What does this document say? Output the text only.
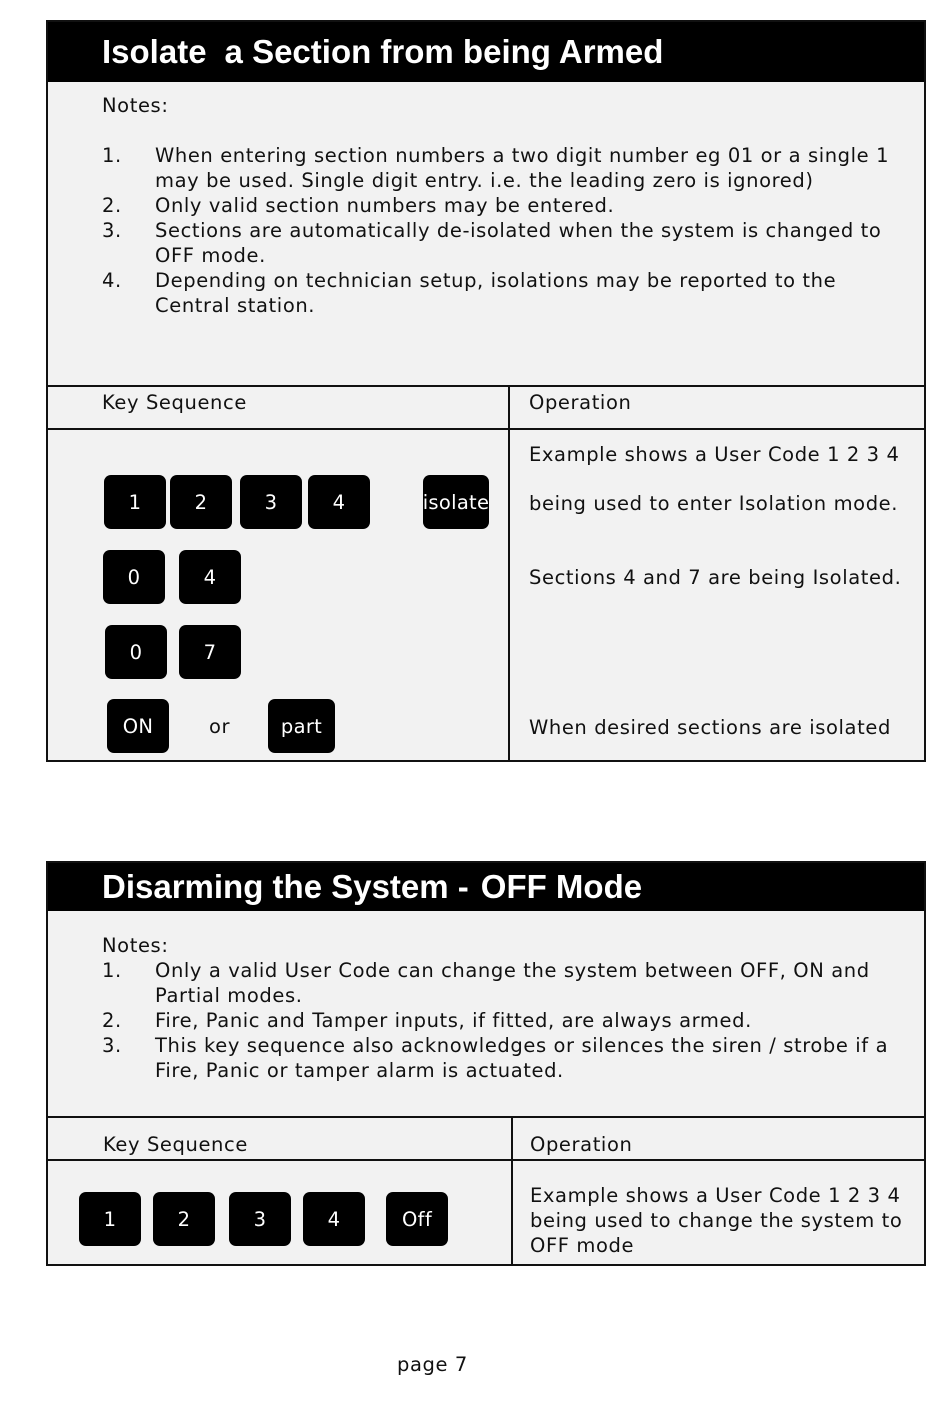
Isolate a Section from being Armed
Notes:
1. When entering section numbers a two digit number eg 01 or a single 1 may be used. Single digit entry. i.e. the leading zero is ignored)
2. Only valid section numbers may be entered.
3. Sections are automatically de-isolated when the system is changed to OFF mode.
4. Depending on technician setup, isolations may be reported to the Central station.
Key Sequence	Operation
1	2	3	4	isolate
0	4
0	7
ON	or	part
Example shows a User Code 1 2 3 4
being used to enter Isolation mode.
Sections 4 and 7 are being Isolated.
When desired sections are isolated
Disarming the System - OFF Mode
Notes:
1. Only a valid User Code can change the system between OFF, ON and Partial modes.
2. Fire, Panic and Tamper inputs, if fitted, are always armed.
3. This key sequence also acknowledges or silences the siren / strobe if a Fire, Panic or tamper alarm is actuated.
Key Sequence	Operation
1	2	3	4	Off
Example shows a User Code 1 2 3 4
being used to change the system to
OFF mode
page 7
